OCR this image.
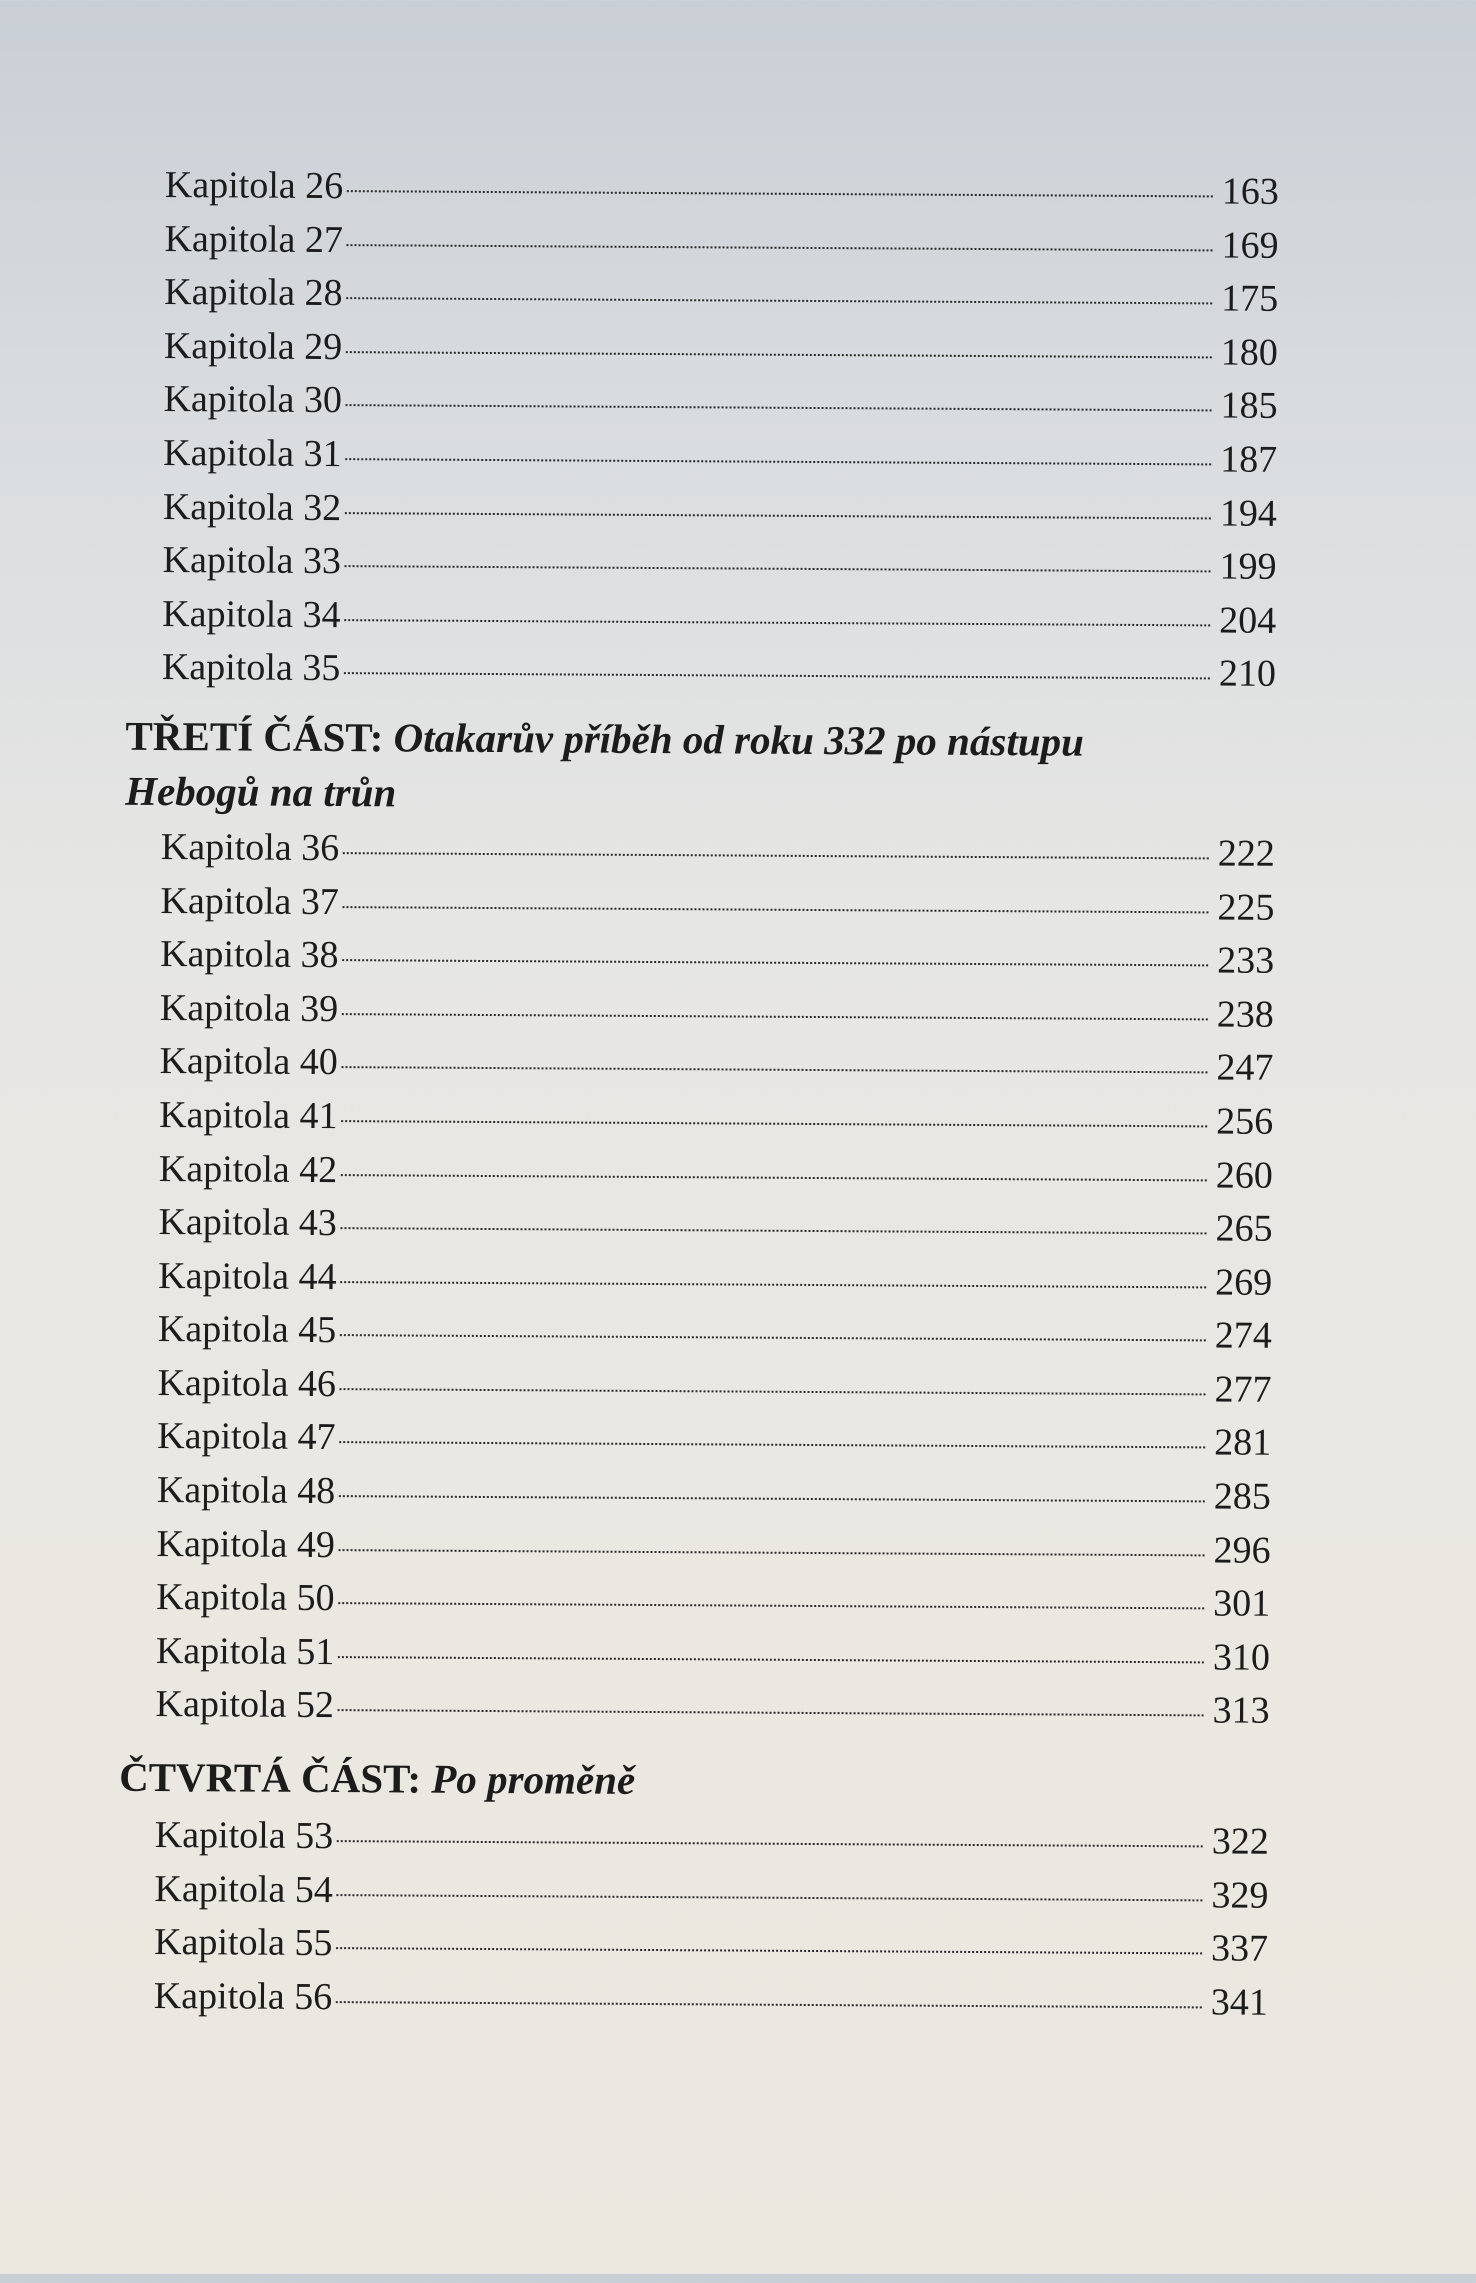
Kapitola 26	163
Kapitola 27	169
Kapitola 28	175
Kapitola 29	180
Kapitola 30	185
Kapitola 31	187
Kapitola 32	194
Kapitola 33	199
Kapitola 34	204
Kapitola 35	210
TŘETÍ ČÁST: Otakarův příběh od roku 332 po nástupu Hebogů na trůn
Kapitola 36	222
Kapitola 37	225
Kapitola 38	233
Kapitola 39	238
Kapitola 40	247
Kapitola 41	256
Kapitola 42	260
Kapitola 43	265
Kapitola 44	269
Kapitola 45	274
Kapitola 46	277
Kapitola 47	281
Kapitola 48	285
Kapitola 49	296
Kapitola 50	301
Kapitola 51	310
Kapitola 52	313
ČTVRTÁ ČÁST: Po proměně
Kapitola 53	322
Kapitola 54	329
Kapitola 55	337
Kapitola 56	341
